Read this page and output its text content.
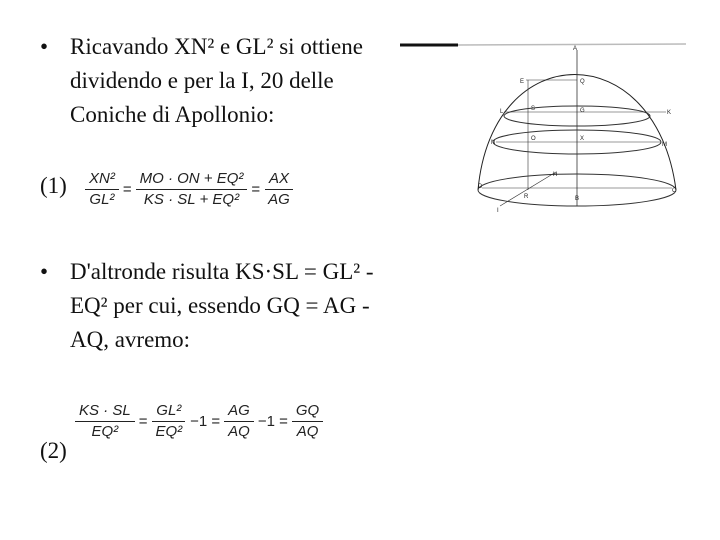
• Ricavando XN² e GL² si ottiene dividendo e per la I, 20 delle Coniche di Apollonio:
$(1) \frac{\text{XN²}}{\text{GL²}} = \frac{\text{MO · ON + EQ²}}{\text{KS · SL + EQ²}} = \frac{AX}{AG}$
• D'altronde risulta KS·SL = GL² - EQ² per cui, essendo GQ = AG - AQ, avremo:
(2)
$\frac{KS \cdot SL}{\text{EQ²}} = \frac{\text{GL²}}{\text{EQ²}} -1 = \frac{AG}{AQ} -1 = \frac{GQ}{AQ}$
A
E	Q
L	S	G	K
N
O	X
M
D
H
I
R	B
C
